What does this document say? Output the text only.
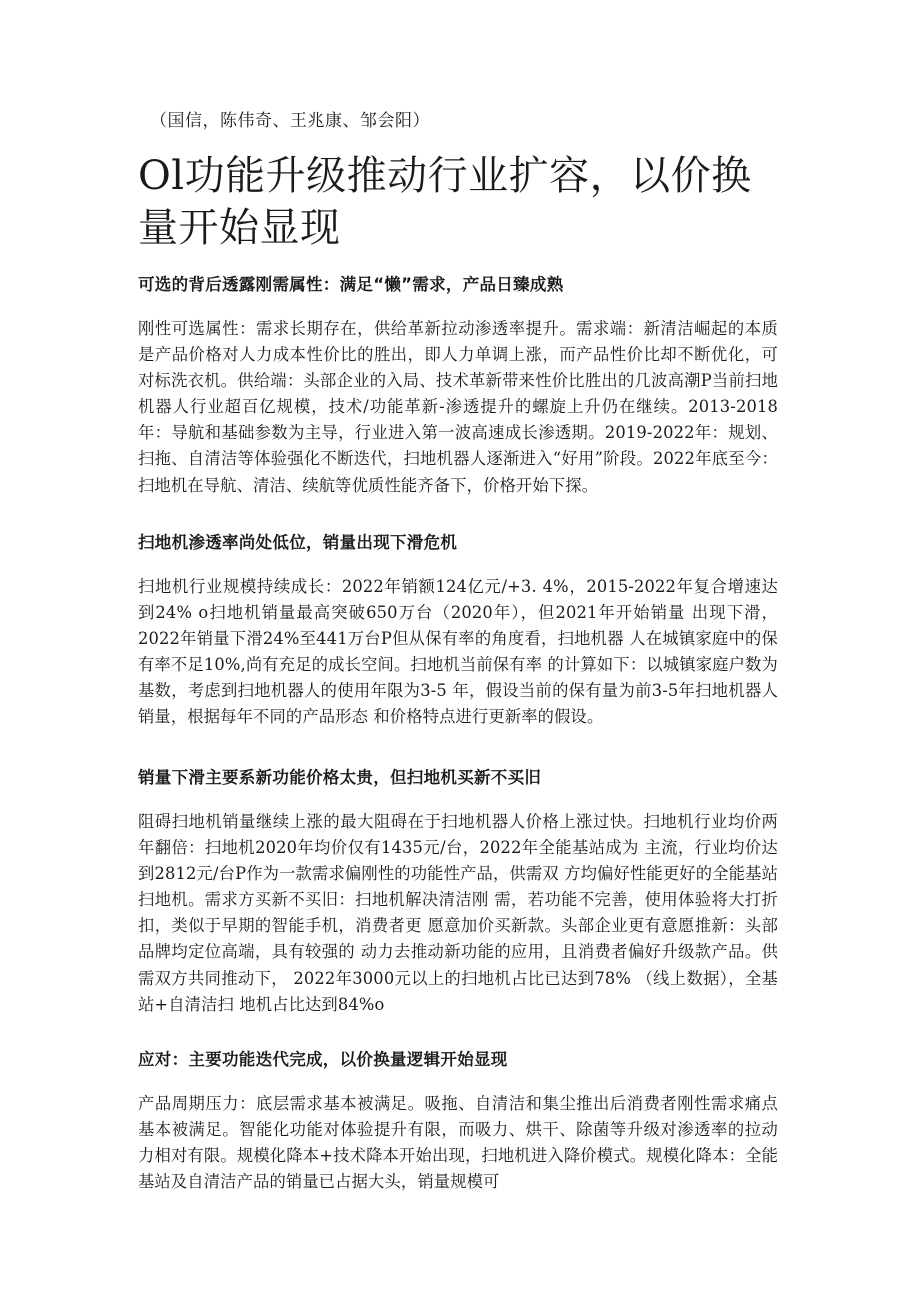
（国信，陈伟奇、王兆康、邹会阳）
Ol功能升级推动行业扩容，以价换量开始显现
可选的背后透露刚需属性：满足“懒”需求，产品日臻成熟

刚性可选属性：需求长期存在，供给革新拉动渗透率提升。需求端：新清洁崛起的本质是产品价格对人力成本性价比的胜出，即人力单调上涨，而产品性价比却不断优化，可对标洗衣机。供给端：头部企业的入局、技术革新带来性价比胜出的几波高潮P当前扫地机器人行业超百亿规模，技术/功能革新-渗透提升的螺旋上升仍在继续。2013-2018年：导航和基础参数为主导，行业进入第一波高速成长渗透期。2019-2022年：规划、扫拖、自清洁等体验强化不断迭代，扫地机器人逐渐进入“好用”阶段。2022年底至今：扫地机在导航、清洁、续航等优质性能齐备下，价格开始下探。

扫地机渗透率尚处低位，销量出现下滑危机

扫地机行业规模持续成长：2022年销额124亿元/+3. 4%，2015-2022年复合增速达到24% o扫地机销量最高突破650万台（2020年），但2021年开始销量 出现下滑，2022年销量下滑24%至441万台P但从保有率的角度看，扫地机器 人在城镇家庭中的保有率不足10%,尚有充足的成长空间。扫地机当前保有率 的计算如下：以城镇家庭户数为基数，考虑到扫地机器人的使用年限为3-5 年，假设当前的保有量为前3-5年扫地机器人销量，根据每年不同的产品形态 和价格特点进行更新率的假设。

销量下滑主要系新功能价格太贵，但扫地机买新不买旧

阻碍扫地机销量继续上涨的最大阻碍在于扫地机器人价格上涨过快。扫地机行业均价两年翻倍：扫地机2020年均价仅有1435元/台，2022年全能基站成为 主流，行业均价达到2812元/台P作为一款需求偏刚性的功能性产品，供需双 方均偏好性能更好的全能基站扫地机。需求方买新不买旧：扫地机解决清洁刚 需，若功能不完善，使用体验将大打折扣，类似于早期的智能手机，消费者更 愿意加价买新款。头部企业更有意愿推新：头部品牌均定位高端，具有较强的 动力去推动新功能的应用，且消费者偏好升级款产品。供需双方共同推动下， 2022年3000元以上的扫地机占比已达到78% （线上数据），全基站+自清洁扫 地机占比达到84%o

应对：主要功能迭代完成，以价换量逻辑开始显现

产品周期压力：底层需求基本被满足。吸拖、自清洁和集尘推出后消费者刚性需求痛点基本被满足。智能化功能对体验提升有限，而吸力、烘干、除菌等升级对渗透率的拉动力相对有限。规模化降本+技术降本开始出现，扫地机进入降价模式。规模化降本：全能基站及自清洁产品的销量已占据大头，销量规模可
